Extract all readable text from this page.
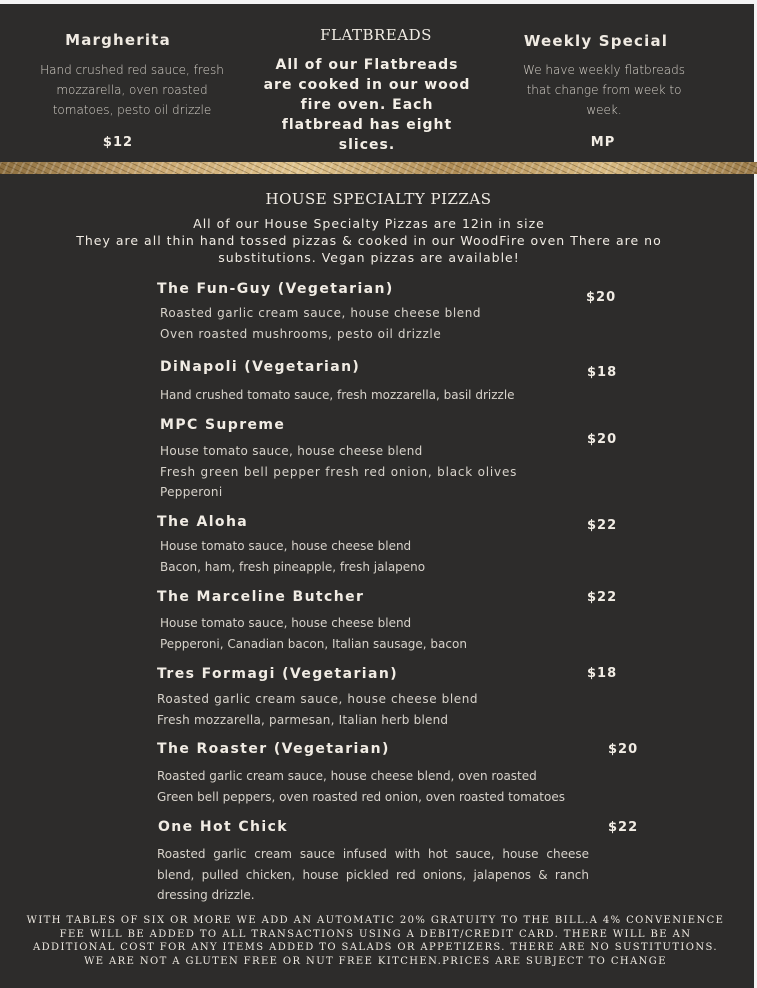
Margherita
Hand crushed red sauce, fresh mozzarella, oven roasted tomatoes, pesto oil drizzle
$12
FLATBREADS
All of our Flatbreads are cooked in our wood fire oven. Each flatbread has eight slices.
Weekly Special
We have weekly flatbreads that change from week to week.
MP
HOUSE SPECIALTY PIZZAS
All of our House Specialty Pizzas are 12in in size
They are all thin hand tossed pizzas & cooked in our WoodFire oven There are no
substitutions. Vegan pizzas are available!
The Fun-Guy (Vegetarian)
$20
Roasted garlic cream sauce, house cheese blend
Oven roasted mushrooms, pesto oil drizzle
DiNapoli (Vegetarian)	$18
Hand crushed tomato sauce, fresh mozzarella, basil drizzle
MPC Supreme
$20
House tomato sauce, house cheese blend
Fresh green bell pepper fresh red onion, black olives
Pepperoni
The Aloha	$22
House tomato sauce, house cheese blend
Bacon, ham, fresh pineapple, fresh jalapeno
The Marceline Butcher	$22
House tomato sauce, house cheese blend
Pepperoni, Canadian bacon, Italian sausage, bacon
Tres Formagi (Vegetarian)	$18
Roasted garlic cream sauce, house cheese blend
Fresh mozzarella, parmesan, Italian herb blend
The Roaster (Vegetarian)	$20
Roasted garlic cream sauce, house cheese blend, oven roasted
Green bell peppers, oven roasted red onion, oven roasted tomatoes
One Hot Chick	$22
Roasted garlic cream sauce infused with hot sauce, house cheese blend, pulled chicken, house pickled red onions, jalapenos & ranch dressing drizzle.
WITH TABLES OF SIX OR MORE WE ADD AN AUTOMATIC 20% GRATUITY TO THE BILL.A 4% CONVENIENCE
FEE WILL BE ADDED TO ALL TRANSACTIONS USING A DEBIT/CREDIT CARD. THERE WILL BE AN
ADDITIONAL COST FOR ANY ITEMS ADDED TO SALADS OR APPETIZERS. THERE ARE NO SUSTITUTIONS.
WE ARE NOT A GLUTEN FREE OR NUT FREE KITCHEN.PRICES ARE SUBJECT TO CHANGE
